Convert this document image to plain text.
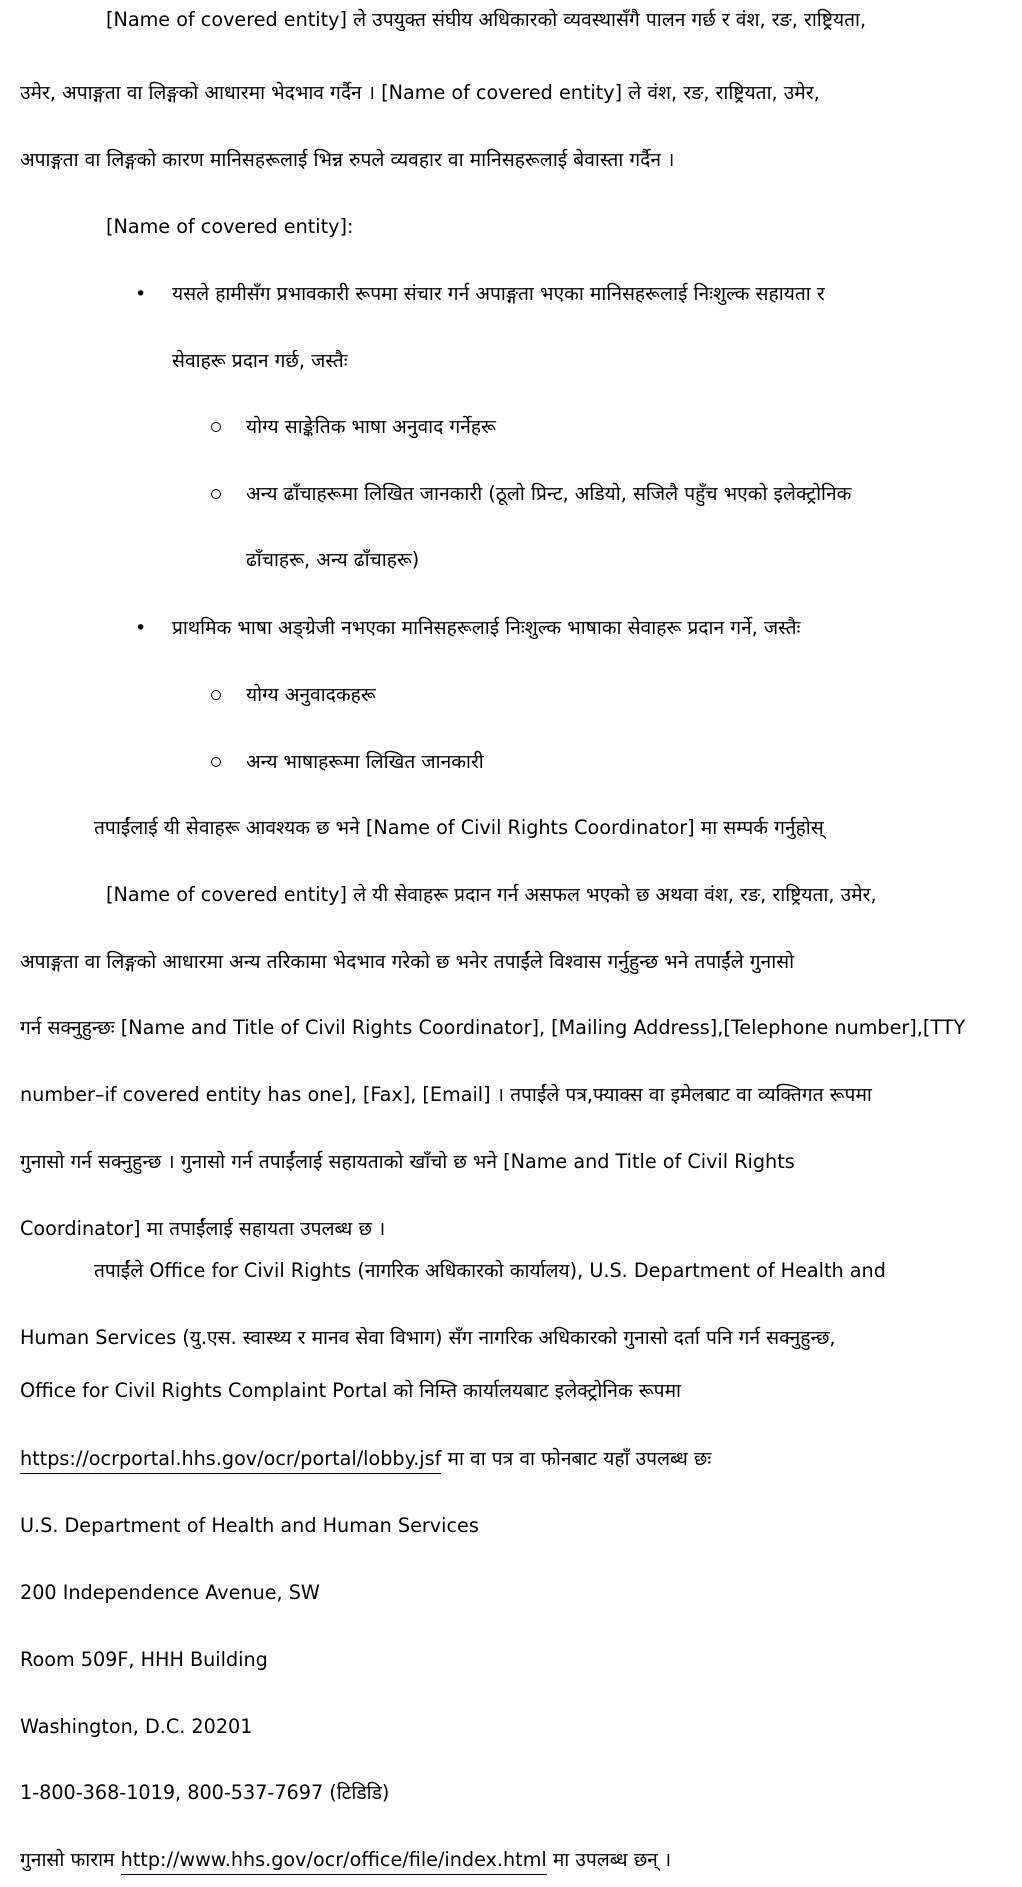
[Name of covered entity] ले उपयुक्त संघीय अधिकारको व्यवस्थासँगै पालन गर्छ र वंश, रङ, राष्ट्रियता,
उमेर, अपाङ्गता वा लिङ्गको आधारमा भेदभाव गर्दैन । [Name of covered entity] ले वंश, रङ, राष्ट्रियता, उमेर,
अपाङ्गता वा लिङ्गको कारण मानिसहरूलाई भिन्न रुपले व्यवहार वा मानिसहरूलाई बेवास्ता गर्दैन ।
[Name of covered entity]:
• यसले हामीसँग प्रभावकारी रूपमा संचार गर्न अपाङ्गता भएका मानिसहरूलाई निःशुल्क सहायता र
सेवाहरू प्रदान गर्छ, जस्तैः
योग्य साङ्केतिक भाषा अनुवाद गर्नेहरू
अन्य ढाँचाहरूमा लिखित जानकारी (ठूलो प्रिन्ट, अडियो, सजिलै पहुँच भएको इलेक्ट्रोनिक
ढाँचाहरू, अन्य ढाँचाहरू)
• प्राथमिक भाषा अङ्ग्रेजी नभएका मानिसहरूलाई निःशुल्क भाषाका सेवाहरू प्रदान गर्ने, जस्तैः
योग्य अनुवादकहरू
अन्य भाषाहरूमा लिखित जानकारी
तपाईंलाई यी सेवाहरू आवश्यक छ भने [Name of Civil Rights Coordinator] मा सम्पर्क गर्नुहोस्
[Name of covered entity] ले यी सेवाहरू प्रदान गर्न असफल भएको छ अथवा वंश, रङ, राष्ट्रियता, उमेर,
अपाङ्गता वा लिङ्गको आधारमा अन्य तरिकामा भेदभाव गरेको छ भनेर तपाईंले विश्वास गर्नुहुन्छ भने तपाईंले गुनासो
गर्न सक्नुहुन्छः [Name and Title of Civil Rights Coordinator], [Mailing Address],[Telephone number],[TTY
number–if covered entity has one], [Fax], [Email] । तपाईंले पत्र,फ्याक्स वा इमेलबाट वा व्यक्तिगत रूपमा
गुनासो गर्न सक्नुहुन्छ । गुनासो गर्न तपाईंलाई सहायताको खाँचो छ भने [Name and Title of Civil Rights
Coordinator] मा तपाईंलाई सहायता उपलब्ध छ ।
तपाईंले Office for Civil Rights (नागरिक अधिकारको कार्यालय), U.S. Department of Health and
Human Services (यु.एस. स्वास्थ्य र मानव सेवा विभाग) सँग नागरिक अधिकारको गुनासो दर्ता पनि गर्न सक्नुहुन्छ,
Office for Civil Rights Complaint Portal को निम्ति कार्यालयबाट इलेक्ट्रोनिक रूपमा
https://ocrportal.hhs.gov/ocr/portal/lobby.jsf मा वा पत्र वा फोनबाट यहाँ उपलब्ध छः
U.S. Department of Health and Human Services
200 Independence Avenue, SW
Room 509F, HHH Building
Washington, D.C. 20201
1-800-368-1019, 800-537-7697 (टिडिडि)
गुनासो फाराम http://www.hhs.gov/ocr/office/file/index.html मा उपलब्ध छन् ।
